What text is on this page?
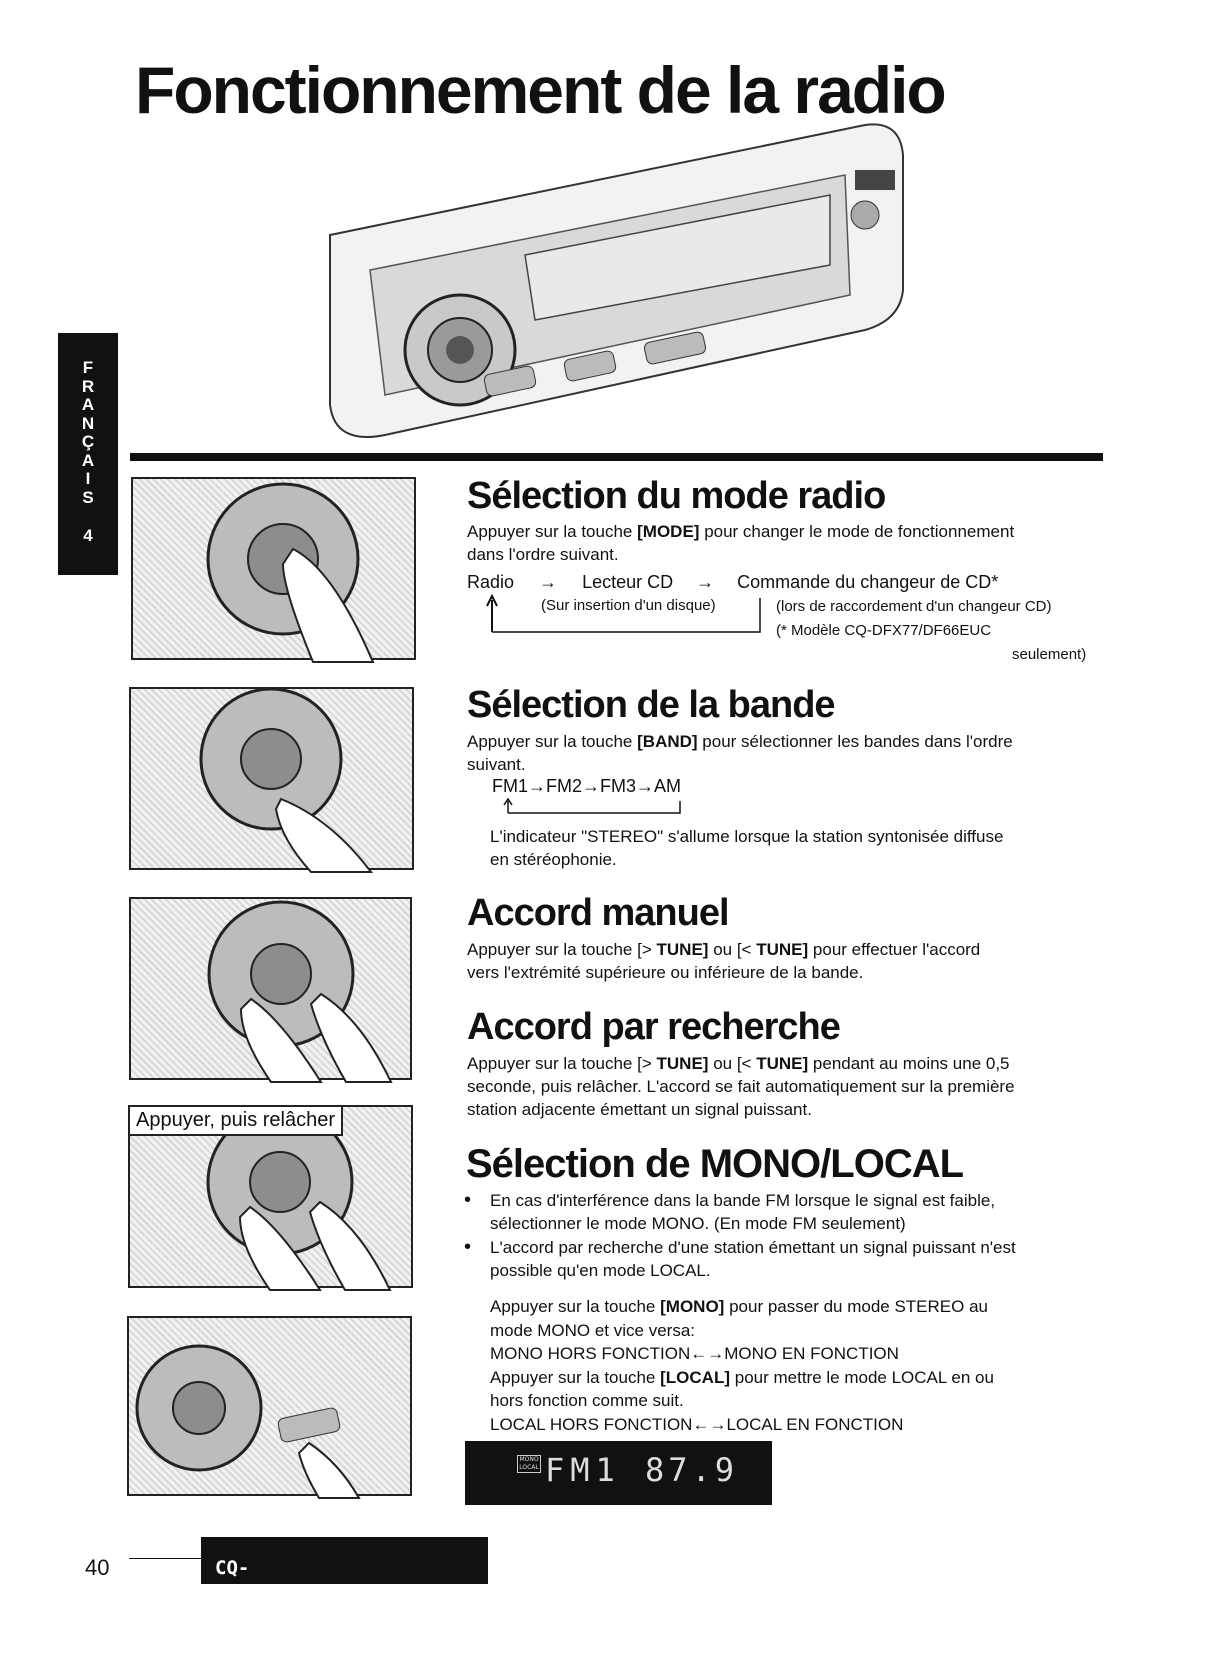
Fonctionnement de la radio
F
R
A
N
Ç
A
I
S
4
Appuyer, puis relâcher
Sélection du mode radio

Appuyer sur la touche [MODE] pour changer le mode de fonctionnement
dans l'ordre suivant.

Radio → Lecteur CD → Commande du changeur de CD*
(Sur insertion d'un disque)	(lors de raccordement d'un changeur CD)
(* Modèle CQ-DFX77/DF66EUC
seulement)
Sélection de la bande

Appuyer sur la touche [BAND] pour sélectionner les bandes dans l'ordre
suivant.

FM1→FM2→FM3→AM

L'indicateur "STEREO" s'allume lorsque la station syntonisée diffuse
en stéréophonie.

Accord manuel

Appuyer sur la touche [> TUNE] ou [< TUNE] pour effectuer l'accord
vers l'extrémité supérieure ou inférieure de la bande.

Accord par recherche

Appuyer sur la touche [> TUNE] ou [< TUNE] pendant au moins une 0,5
seconde, puis relâcher. L'accord se fait automatiquement sur la première
station adjacente émettant un signal puissant.

Sélection de MONO/LOCAL
• En cas d'interférence dans la bande FM lorsque le signal est faible,
sélectionner le mode MONO. (En mode FM seulement)

• L'accord par recherche d'une station émettant un signal puissant n'est
possible qu'en mode LOCAL.

Appuyer sur la touche [MONO] pour passer du mode STEREO au
mode MONO et vice versa:
MONO HORS FONCTION←→MONO EN FONCTION
Appuyer sur la touche [LOCAL] pour mettre le mode LOCAL en ou
hors fonction comme suit.
LOCAL HORS FONCTION←→LOCAL EN FONCTION

MONO
LOCAL FM1 87.9
40	CQ-DFX77/DFX55/DF66/DF44EUC
